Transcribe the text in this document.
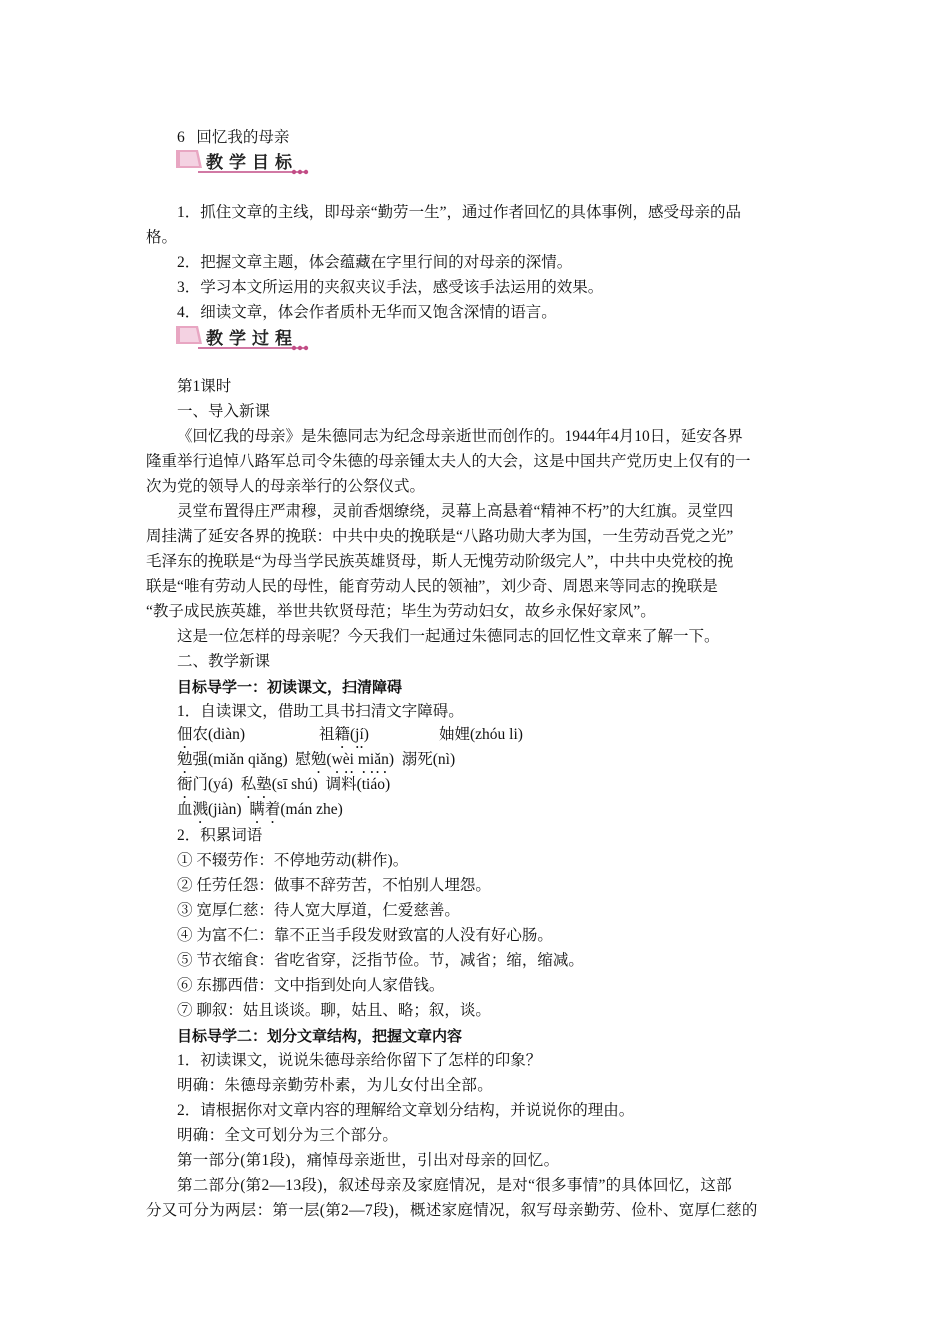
6 回忆我的母亲
教学目标
1．抓住文章的主线，即母亲“勤劳一生”，通过作者回忆的具体事例，感受母亲的品
格。
2．把握文章主题，体会蕴藏在字里行间的对母亲的深情。
3．学习本文所运用的夹叙夹议手法，感受该手法运用的效果。
4．细读文章，体会作者质朴无华而又饱含深情的语言。
教学过程
第1课时
一、导入新课
《回忆我的母亲》是朱德同志为纪念母亲逝世而创作的。1944年4月10日，延安各界
隆重举行追悼八路军总司令朱德的母亲锺太夫人的大会，这是中国共产党历史上仅有的一
次为党的领导人的母亲举行的公祭仪式。
灵堂布置得庄严肃穆，灵前香烟缭绕，灵幕上高悬着“精神不朽”的大红旗。灵堂四
周挂满了延安各界的挽联：中共中央的挽联是“八路功勋大孝为国，一生劳动吾党之光”
毛泽东的挽联是“为母当学民族英雄贤母，斯人无愧劳动阶级完人”，中共中央党校的挽
联是“唯有劳动人民的母性，能育劳动人民的领袖”，刘少奇、周恩来等同志的挽联是
“教子成民族英雄，举世共钦贤母范；毕生为劳动妇女，故乡永保好家风”。
这是一位怎样的母亲呢？今天我们一起通过朱德同志的回忆性文章来了解一下。
二、教学新课
目标导学一：初读课文，扫清障碍
1．自读课文，借助工具书扫清文字障碍。
佃农(diàn)	祖籍(jí)	妯娌(zhóu li)
勉强(miǎn qiǎng) 慰勉(wèi miǎn) 溺死(nì)
衙门(yá) 私塾(sī shú) 调料(tiáo)
血溅(jiàn) 瞒着(mán zhe)
2．积累词语
① 不辍劳作：不停地劳动(耕作)。
② 任劳任怨：做事不辞劳苦，不怕别人埋怨。
③ 宽厚仁慈：待人宽大厚道，仁爱慈善。
④ 为富不仁：靠不正当手段发财致富的人没有好心肠。
⑤ 节衣缩食：省吃省穿，泛指节俭。节，减省；缩，缩减。
⑥ 东挪西借：文中指到处向人家借钱。
⑦ 聊叙：姑且谈谈。聊，姑且、略；叙，谈。
目标导学二：划分文章结构，把握文章内容
1．初读课文，说说朱德母亲给你留下了怎样的印象？
明确：朱德母亲勤劳朴素，为儿女付出全部。
2．请根据你对文章内容的理解给文章划分结构，并说说你的理由。
明确：全文可划分为三个部分。
第一部分(第1段)，痛悼母亲逝世，引出对母亲的回忆。
第二部分(第2—13段)，叙述母亲及家庭情况，是对“很多事情”的具体回忆，这部
分又可分为两层：第一层(第2—7段)，概述家庭情况，叙写母亲勤劳、俭朴、宽厚仁慈的
